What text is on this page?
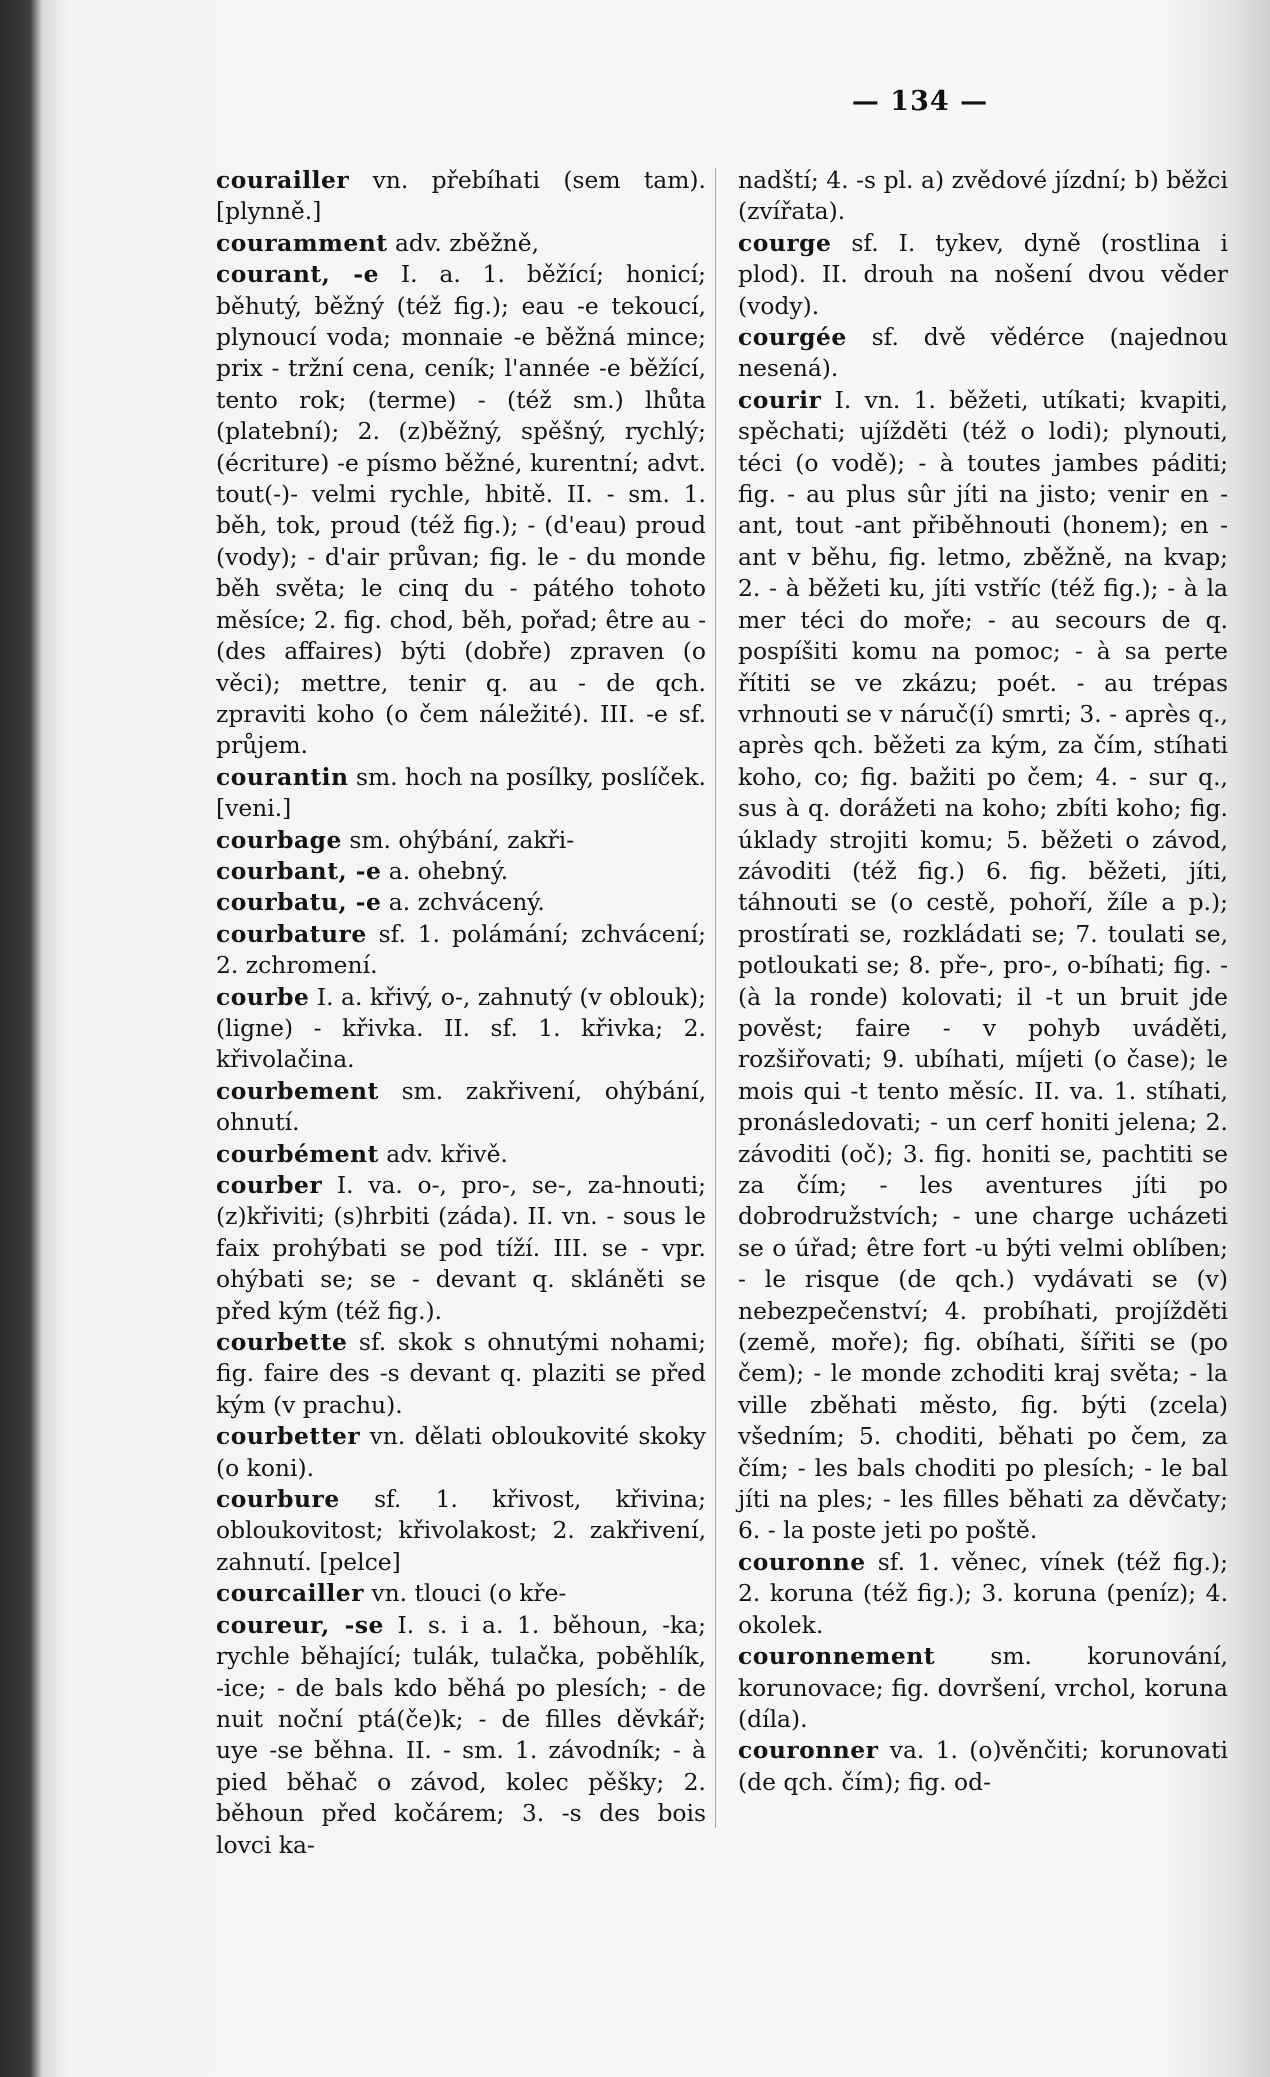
— 134 —

courailler vn. přebíhati (sem tam). [plynně.]

couramment adv. zběžně,

courant, -e I. a. 1. běžící; honicí; běhutý, běžný (též fig.); eau -e tekoucí, plynoucí voda; monnaie -e běžná mince; prix - tržní cena, ceník; l'année -e běžící, tento rok; (terme) - (též sm.) lhůta (platební); 2. (z)běžný, spěšný, rychlý; (écriture) -e písmo běžné, kurentní; advt. tout(-)- velmi rychle, hbitě. II. - sm. 1. běh, tok, proud (též fig.); - (d'eau) proud (vody); - d'air průvan; fig. le - du monde běh světa; le cinq du - pátého tohoto měsíce; 2. fig. chod, běh, pořad; être au - (des affaires) býti (dobře) zpraven (o věci); mettre, tenir q. au - de qch. zpraviti koho (o čem náležité). III. -e sf. průjem.

courantin sm. hoch na posílky, poslíček. [veni.]

courbage sm. ohýbání, zakři-

courbant, -e a. ohebný.

courbatu, -e a. zchvácený.

courbature sf. 1. polámání; zchvácení; 2. zchromení.

courbe I. a. křivý, o-, zahnutý (v oblouk); (ligne) - křivka. II. sf. 1. křivka; 2. křivolačina.

courbement sm. zakřivení, ohýbání, ohnutí.

courbément adv. křivě.

courber I. va. o-, pro-, se-, za-hnouti; (z)křiviti; (s)hrbiti (záda). II. vn. - sous le faix prohýbati se pod tíží. III. se - vpr. ohýbati se; se - devant q. skláněti se před kým (též fig.).

courbette sf. skok s ohnutými nohami; fig. faire des -s devant q. plaziti se před kým (v prachu).

courbetter vn. dělati obloukovité skoky (o koni).

courbure sf. 1. křivost, křivina; obloukovitost; křivolakost; 2. zakřivení, zahnutí. [pelce]

courcailler vn. tlouci (o kře-

coureur, -se I. s. i a. 1. běhoun, -ka; rychle běhající; tulák, tulačka, poběhlík, -ice; - de bals kdo běhá po plesích; - de nuit noční ptá(če)k; - de filles děvkář; uye -se běhna. II. - sm. 1. závodník; - à pied běhač o závod, kolec pěšky; 2. běhoun před kočárem; 3. -s des bois lovci ka-

nadští; 4. -s pl. a) zvědové jízdní; b) běžci (zvířata).

courge sf. I. tykev, dyně (rostlina i plod). II. drouh na nošení dvou věder (vody).

courgée sf. dvě vědérce (najednou nesená).

courir I. vn. 1. běžeti, utíkati; kvapiti, spěchati; ujížděti (též o lodi); plynouti, téci (o vodě); - à toutes jambes páditi; fig. - au plus sûr jíti na jisto; venir en -ant, tout -ant přiběhnouti (honem); en -ant v běhu, fig. letmo, zběžně, na kvap; 2. - à běžeti ku, jíti vstříc (též fig.); - à la mer téci do moře; - au secours de q. pospíšiti komu na pomoc; - à sa perte řítiti se ve zkázu; poét. - au trépas vrhnouti se v náruč(í) smrti; 3. - après q., après qch. běžeti za kým, za čím, stíhati koho, co; fig. bažiti po čem; 4. - sur q., sus à q. dorážeti na koho; zbíti koho; fig. úklady strojiti komu; 5. běžeti o závod, závoditi (též fig.) 6. fig. běžeti, jíti, táhnouti se (o cestě, pohoří, žíle a p.); prostírati se, rozkládati se; 7. toulati se, potloukati se; 8. pře-, pro-, o-bíhati; fig. - (à la ronde) kolovati; il -t un bruit jde pověst; faire - v pohyb uváděti, rozšiřovati; 9. ubíhati, míjeti (o čase); le mois qui -t tento měsíc. II. va. 1. stíhati, pronásledovati; - un cerf honiti jelena; 2. závoditi (oč); 3. fig. honiti se, pachtiti se za čím; - les aventures jíti po dobrodružstvích; - une charge ucházeti se o úřad; être fort -u býti velmi oblíben; - le risque (de qch.) vydávati se (v) nebezpečenství; 4. probíhati, projížděti (země, moře); fig. obíhati, šířiti se (po čem); - le monde zchoditi kraj světa; - la ville zběhati město, fig. býti (zcela) všedním; 5. choditi, běhati po čem, za čím; - les bals choditi po plesích; - le bal jíti na ples; - les filles běhati za děvčaty; 6. - la poste jeti po poště.

couronne sf. 1. věnec, vínek (též fig.); 2. koruna (též fig.); 3. koruna (peníz); 4. okolek.

couronnement sm. korunování, korunovace; fig. dovršení, vrchol, koruna (díla).

couronner va. 1. (o)věnčiti; korunovati (de qch. čím); fig. od-
